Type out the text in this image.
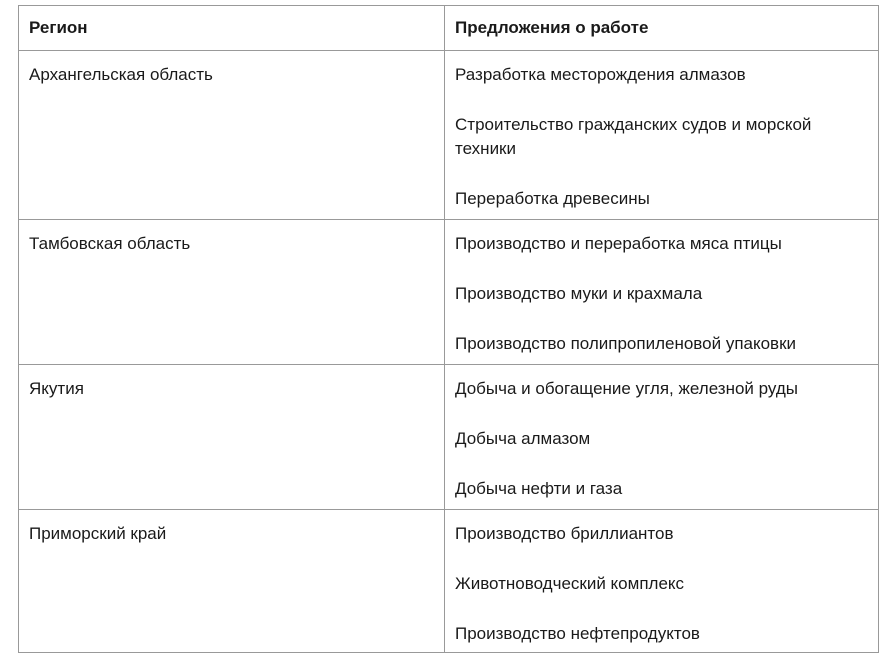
Регион	Предложения о работе
Архангельская область	Разработка месторождения алмазов
Строительство гражданских судов и морской техники
Переработка древесины

Тамбовская область	Производство и переработка мяса птицы
Производство муки и крахмала
Производство полипропиленовой упаковки

Якутия	Добыча и обогащение угля, железной руды
Добыча алмазом
Добыча нефти и газа

Приморский край	Производство бриллиантов
Животноводческий комплекс
Производство нефтепродуктов
